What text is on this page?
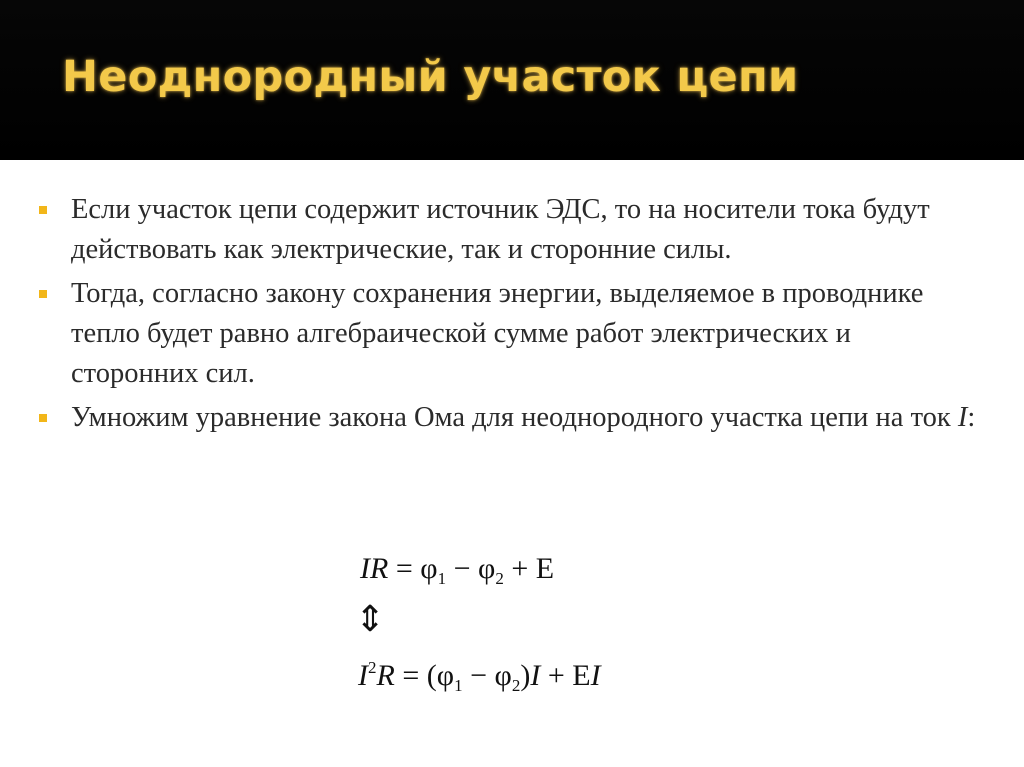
Неоднородный участок цепи
Если участок цепи содержит источник ЭДС, то на носители тока будут действовать как электрические, так и сторонние силы.
Тогда, согласно закону сохранения энергии, выделяемое в проводнике тепло будет равно алгебраической сумме работ электрических и сторонних сил.
Умножим уравнение закона Ома для неоднородного участка цепи на ток I:
IR = $\varphi_1 - \varphi_2 + E$
⇕
$I^2R = (\varphi_1 - \varphi_2)I$ + EI
